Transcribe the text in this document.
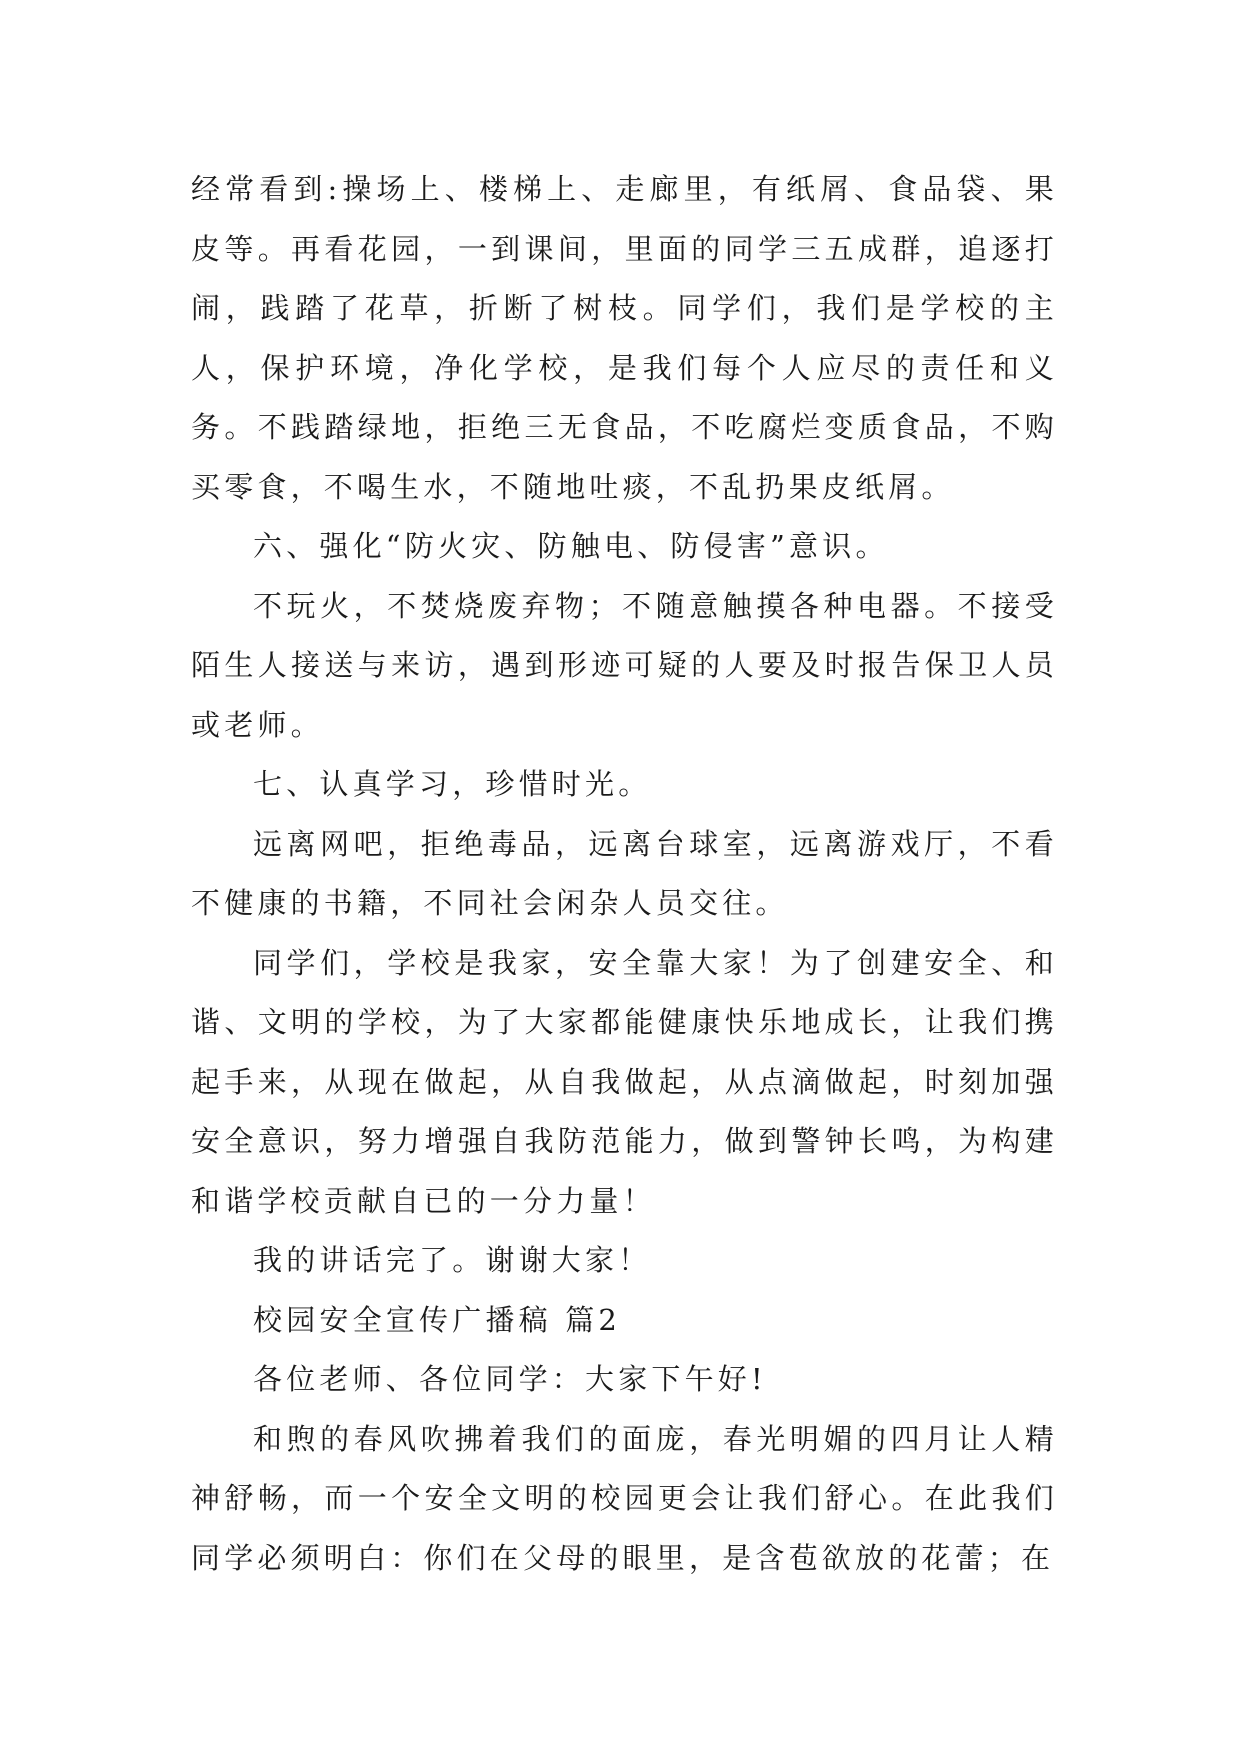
经常看到:操场上、楼梯上、走廊里，有纸屑、食品袋、果皮等。再看花园，一到课间，里面的同学三五成群，追逐打闹，践踏了花草，折断了树枝。同学们，我们是学校的主人，保护环境，净化学校，是我们每个人应尽的责任和义务。不践踏绿地，拒绝三无食品，不吃腐烂变质食品，不购买零食，不喝生水，不随地吐痰，不乱扔果皮纸屑。

六、强化“防火灾、防触电、防侵害”意识。

不玩火，不焚烧废弃物；不随意触摸各种电器。不接受陌生人接送与来访，遇到形迹可疑的人要及时报告保卫人员或老师。

七、认真学习，珍惜时光。

远离网吧，拒绝毒品，远离台球室，远离游戏厅，不看不健康的书籍，不同社会闲杂人员交往。

同学们，学校是我家，安全靠大家！为了创建安全、和谐、文明的学校，为了大家都能健康快乐地成长，让我们携起手来，从现在做起，从自我做起，从点滴做起，时刻加强安全意识，努力增强自我防范能力，做到警钟长鸣，为构建和谐学校贡献自已的一分力量！

我的讲话完了。谢谢大家！

校园安全宣传广播稿 篇2

各位老师、各位同学：大家下午好!

和煦的春风吹拂着我们的面庞，春光明媚的四月让人精神舒畅，而一个安全文明的校园更会让我们舒心。在此我们同学必须明白：你们在父母的眼里，是含苞欲放的花蕾；在
